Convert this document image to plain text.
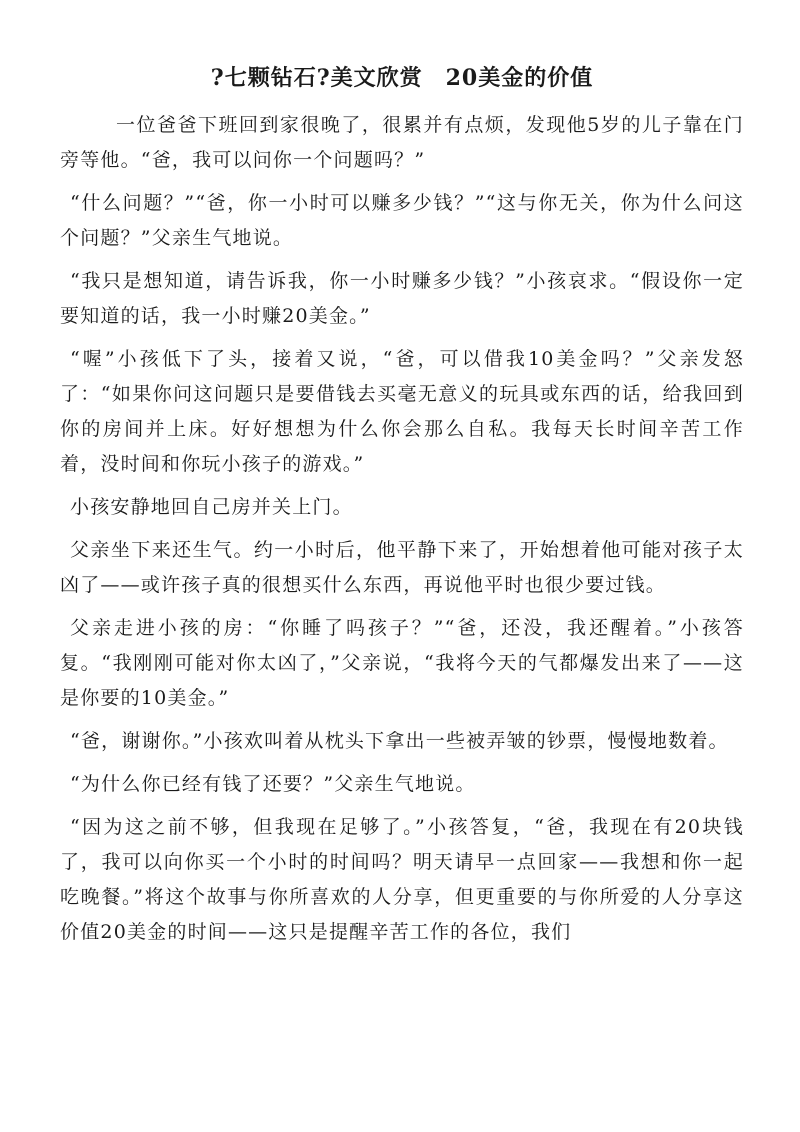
?七颗钻石?美文欣赏　20美金的价值

一位爸爸下班回到家很晚了，很累并有点烦，发现他5岁的儿子靠在门旁等他。“爸，我可以问你一个问题吗？”

“什么问题？”“爸，你一小时可以赚多少钱？”“这与你无关，你为什么问这个问题？”父亲生气地说。

“我只是想知道，请告诉我，你一小时赚多少钱？”小孩哀求。“假设你一定要知道的话，我一小时赚20美金。”

“喔”小孩低下了头，接着又说，“爸，可以借我10美金吗？”父亲发怒了：“如果你问这问题只是要借钱去买毫无意义的玩具或东西的话，给我回到你的房间并上床。好好想想为什么你会那么自私。我每天长时间辛苦工作着，没时间和你玩小孩子的游戏。”

小孩安静地回自己房并关上门。

父亲坐下来还生气。约一小时后，他平静下来了，开始想着他可能对孩子太凶了——或许孩子真的很想买什么东西，再说他平时也很少要过钱。

父亲走进小孩的房：“你睡了吗孩子？”“爸，还没，我还醒着。”小孩答复。“我刚刚可能对你太凶了，”父亲说，“我将今天的气都爆发出来了——这是你要的10美金。”

“爸，谢谢你。”小孩欢叫着从枕头下拿出一些被弄皱的钞票，慢慢地数着。

“为什么你已经有钱了还要？”父亲生气地说。

“因为这之前不够，但我现在足够了。”小孩答复，“爸，我现在有20块钱了，我可以向你买一个小时的时间吗？明天请早一点回家——我想和你一起吃晚餐。”将这个故事与你所喜欢的人分享，但更重要的与你所爱的人分享这价值20美金的时间——这只是提醒辛苦工作的各位，我们
